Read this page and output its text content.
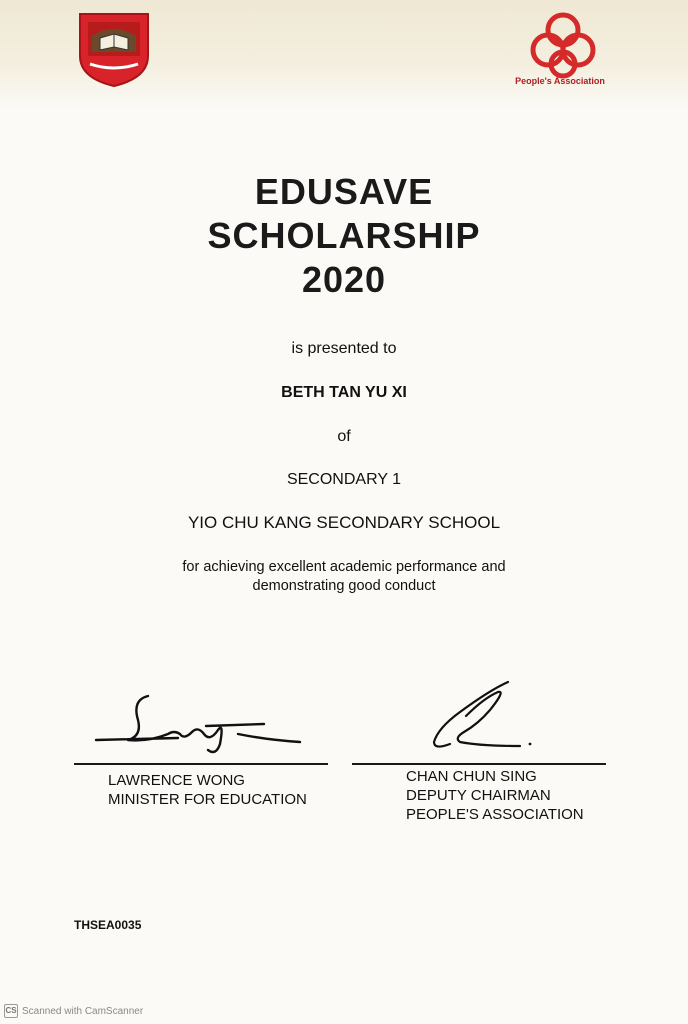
People's Association
EDUSAVE
SCHOLARSHIP
2020
is presented to
BETH TAN YU XI
of
SECONDARY 1
YIO CHU KANG SECONDARY SCHOOL
for achieving excellent academic performance and
demonstrating good conduct
LAWRENCE WONG
MINISTER FOR EDUCATION
CHAN CHUN SING
DEPUTY CHAIRMAN
PEOPLE'S ASSOCIATION
THSEA0035
CS Scanned with CamScanner
